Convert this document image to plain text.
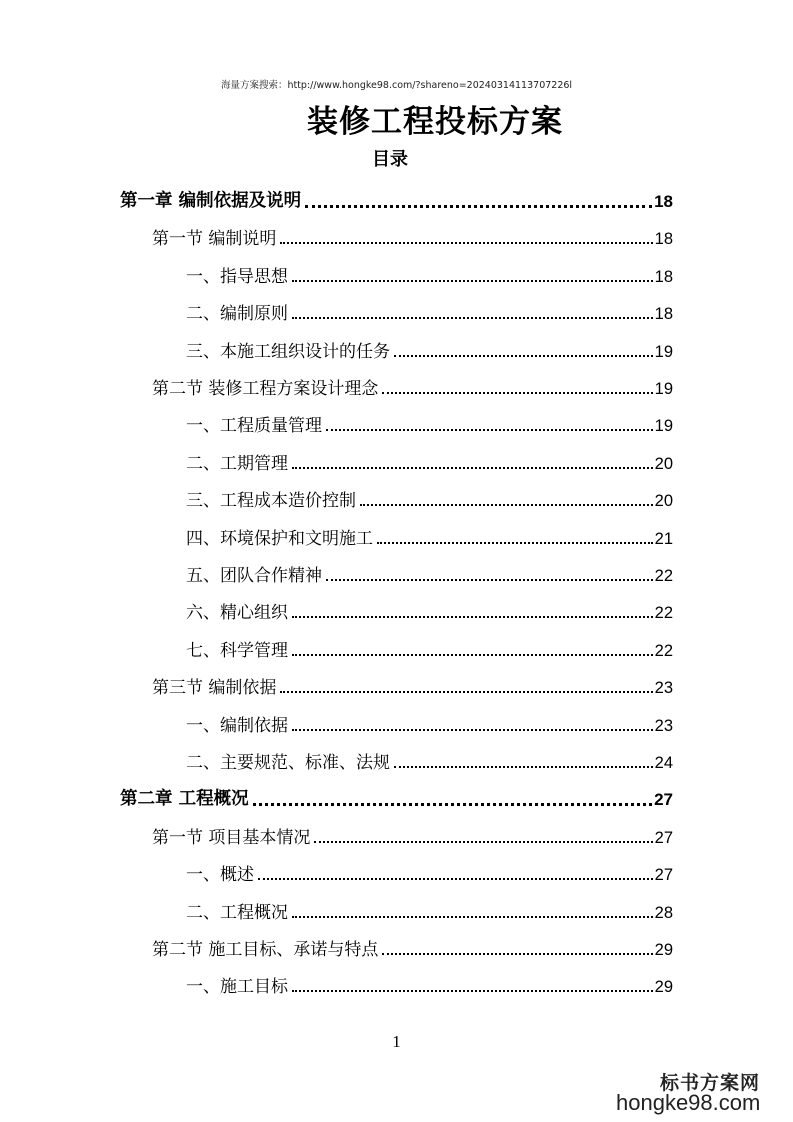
海量方案搜索：http://www.hongke98.com/?shareno=20240314113707226l
装修工程投标方案
目录
第一章 编制依据及说明	18
第一节 编制说明	18
一、指导思想	18
二、编制原则	18
三、本施工组织设计的任务	19
第二节 装修工程方案设计理念	19
一、工程质量管理	19
二、工期管理	20
三、工程成本造价控制	20
四、环境保护和文明施工	21
五、团队合作精神	22
六、精心组织	22
七、科学管理	22
第三节 编制依据	23
一、编制依据	23
二、主要规范、标准、法规	24
第二章 工程概况	27
第一节 项目基本情况	27
一、概述	27
二、工程概况	28
第二节 施工目标、承诺与特点	29
一、施工目标	29
1
标书方案网
hongke98.com
